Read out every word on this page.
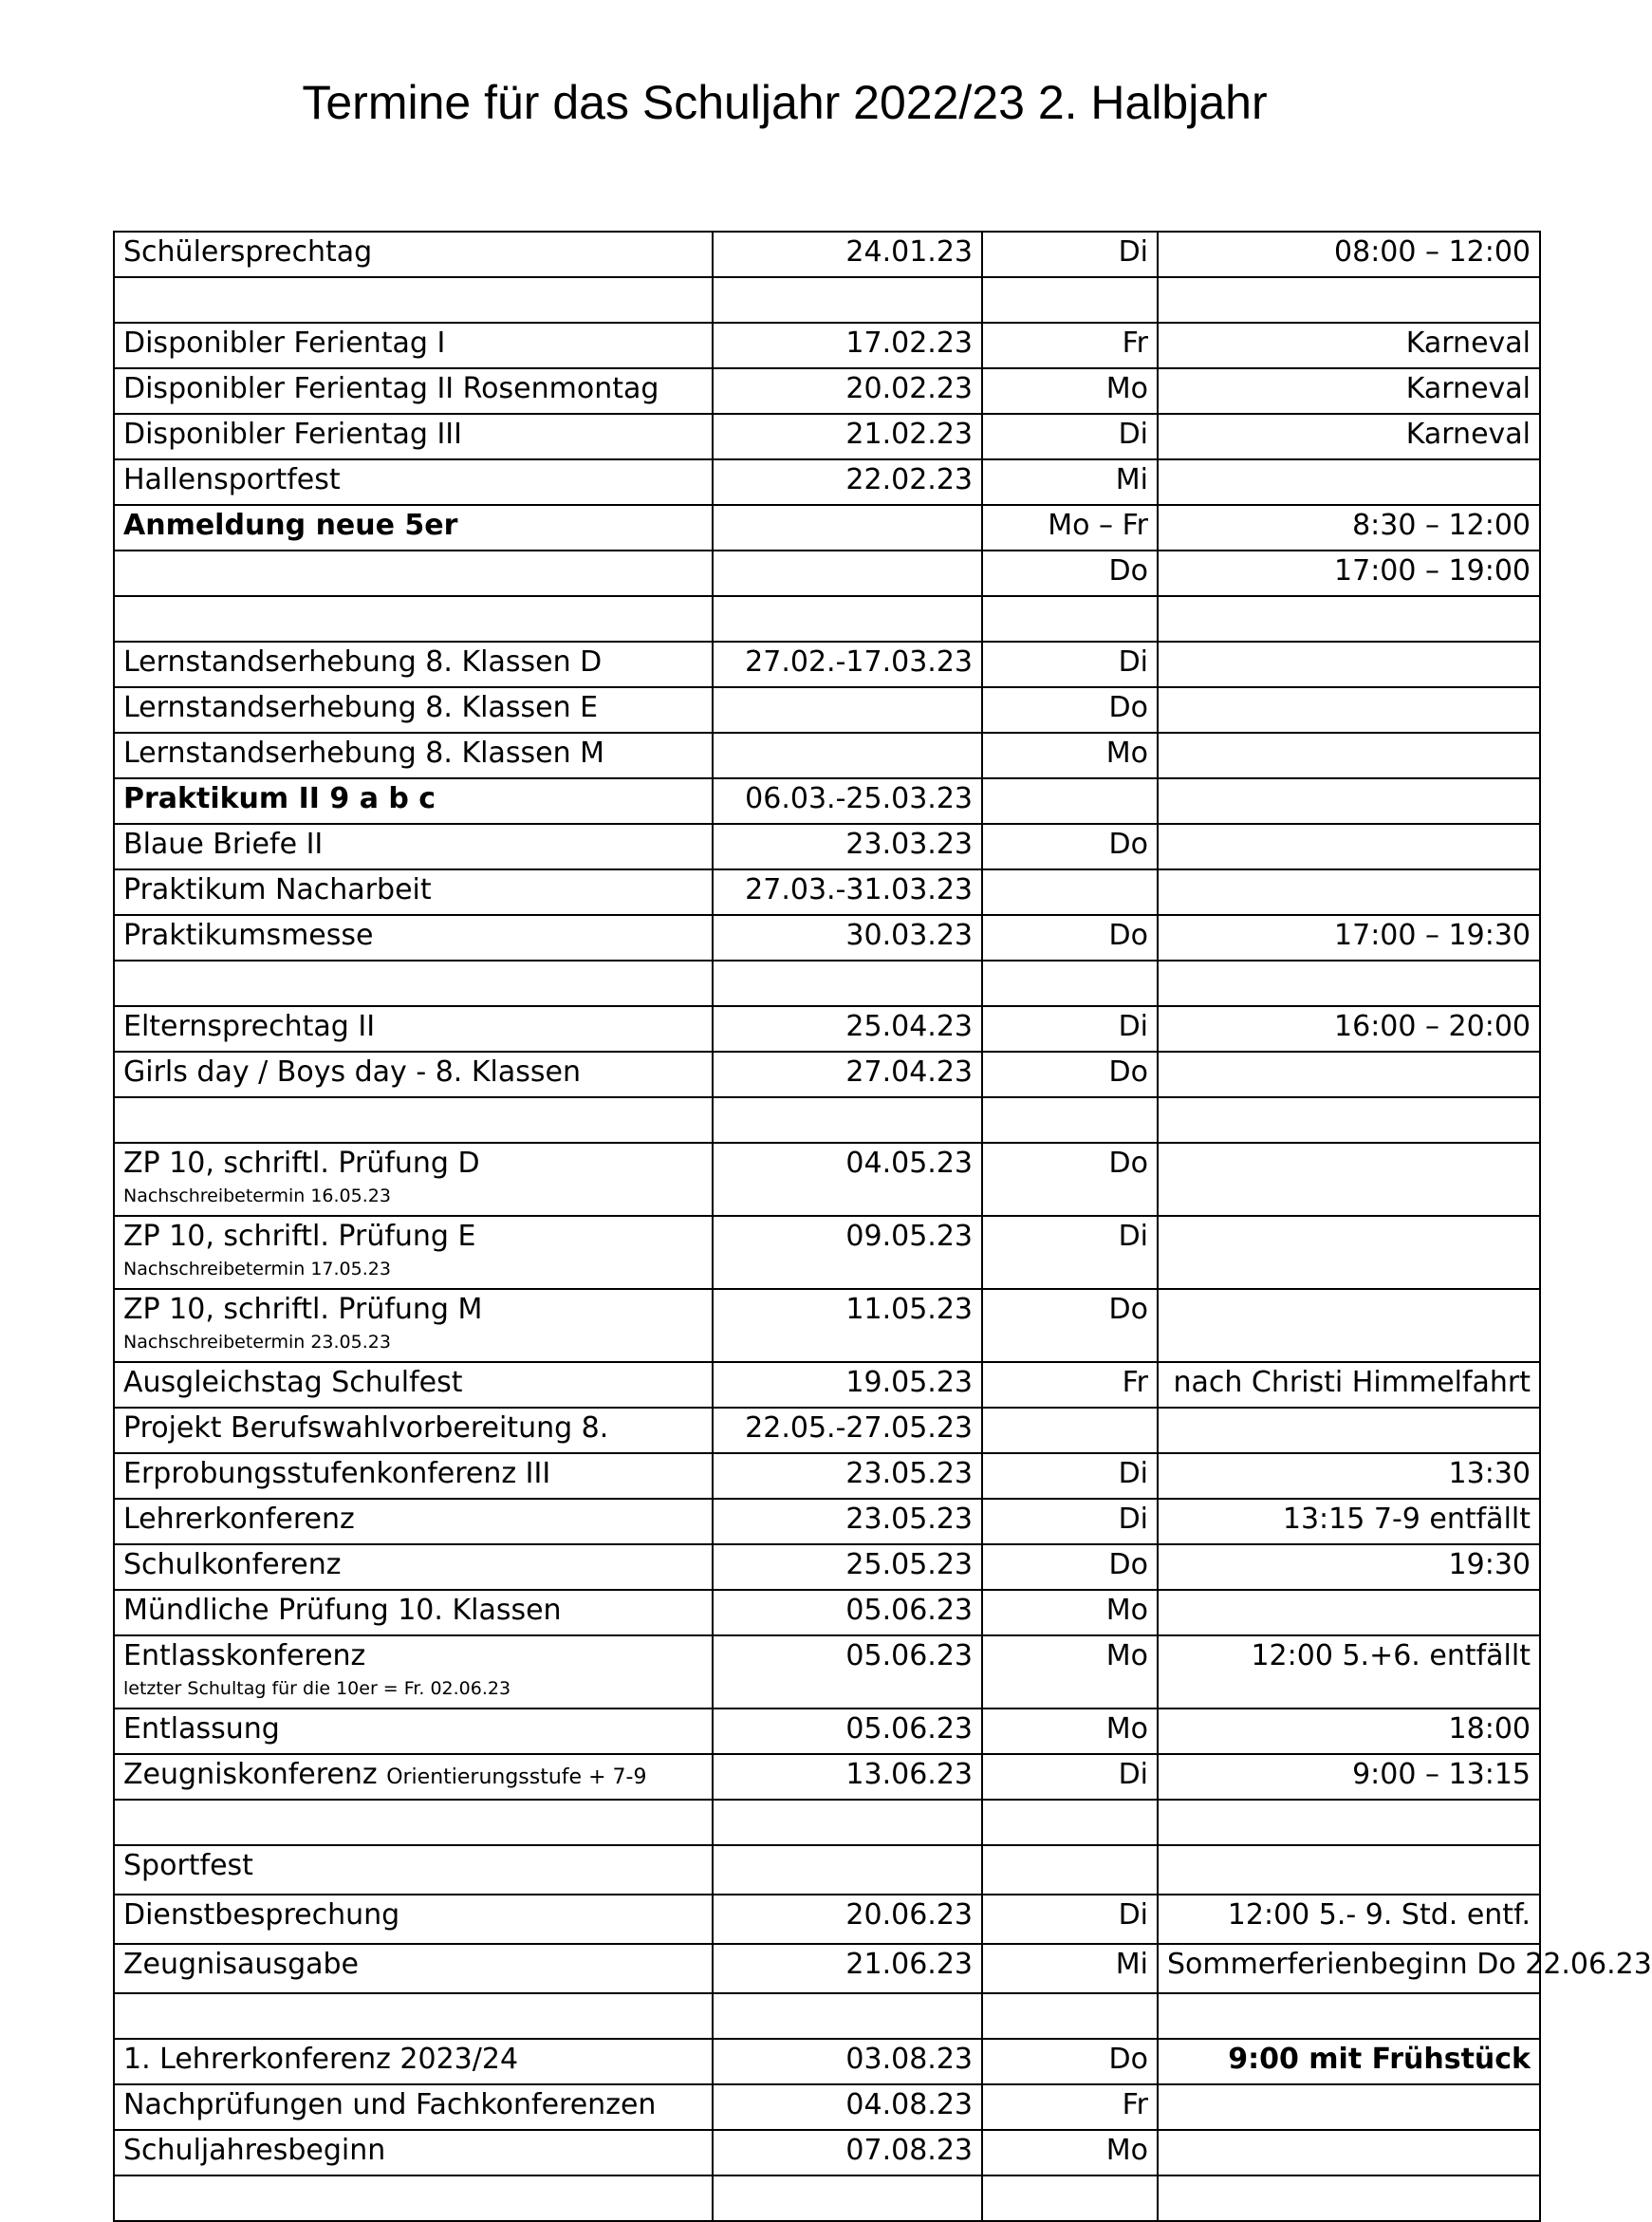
Termine für das Schuljahr 2022/23 2. Halbjahr
Schülersprechtag	24.01.23	Di	08:00 – 12:00

Disponibler Ferientag I	17.02.23	Fr	Karneval
Disponibler Ferientag II Rosenmontag	20.02.23	Mo	Karneval
Disponibler Ferientag III	21.02.23	Di	Karneval
Hallensportfest	22.02.23	Mi	
Anmeldung neue 5er		Mo – Fr	8:30 – 12:00
		Do	17:00 – 19:00

Lernstandserhebung 8. Klassen D	27.02.-17.03.23	Di	
Lernstandserhebung 8. Klassen E		Do	
Lernstandserhebung 8. Klassen M		Mo	
Praktikum II 9 a b c	06.03.-25.03.23		
Blaue Briefe II	23.03.23	Do	
Praktikum Nacharbeit	27.03.-31.03.23		
Praktikumsmesse	30.03.23	Do	17:00 – 19:30

Elternsprechtag II	25.04.23	Di	16:00 – 20:00
Girls day / Boys day - 8. Klassen	27.04.23	Do	

ZP 10, schriftl. Prüfung D
Nachschreibetermin 16.05.23	04.05.23	Do	
ZP 10, schriftl. Prüfung E
Nachschreibetermin 17.05.23	09.05.23	Di	
ZP 10, schriftl. Prüfung M
Nachschreibetermin 23.05.23	11.05.23	Do	
Ausgleichstag Schulfest	19.05.23	Fr	nach Christi Himmelfahrt
Projekt Berufswahlvorbereitung 8.	22.05.-27.05.23		
Erprobungsstufenkonferenz III	23.05.23	Di	13:30
Lehrerkonferenz	23.05.23	Di	13:15 7-9 entfällt
Schulkonferenz	25.05.23	Do	19:30
Mündliche Prüfung 10. Klassen	05.06.23	Mo	
Entlasskonferenz
letzter Schultag für die 10er = Fr. 02.06.23	05.06.23	Mo	12:00 5.+6. entfällt
Entlassung	05.06.23	Mo	18:00
Zeugniskonferenz Orientierungsstufe + 7-9	13.06.23	Di	9:00 – 13:15

Sportfest			
Dienstbesprechung	20.06.23	Di	12:00 5.- 9. Std. entf.
Zeugnisausgabe	21.06.23	Mi	Sommerferienbeginn Do 22.06.23

1. Lehrerkonferenz 2023/24	03.08.23	Do	9:00 mit Frühstück
Nachprüfungen und Fachkonferenzen	04.08.23	Fr	
Schuljahresbeginn	07.08.23	Mo	
